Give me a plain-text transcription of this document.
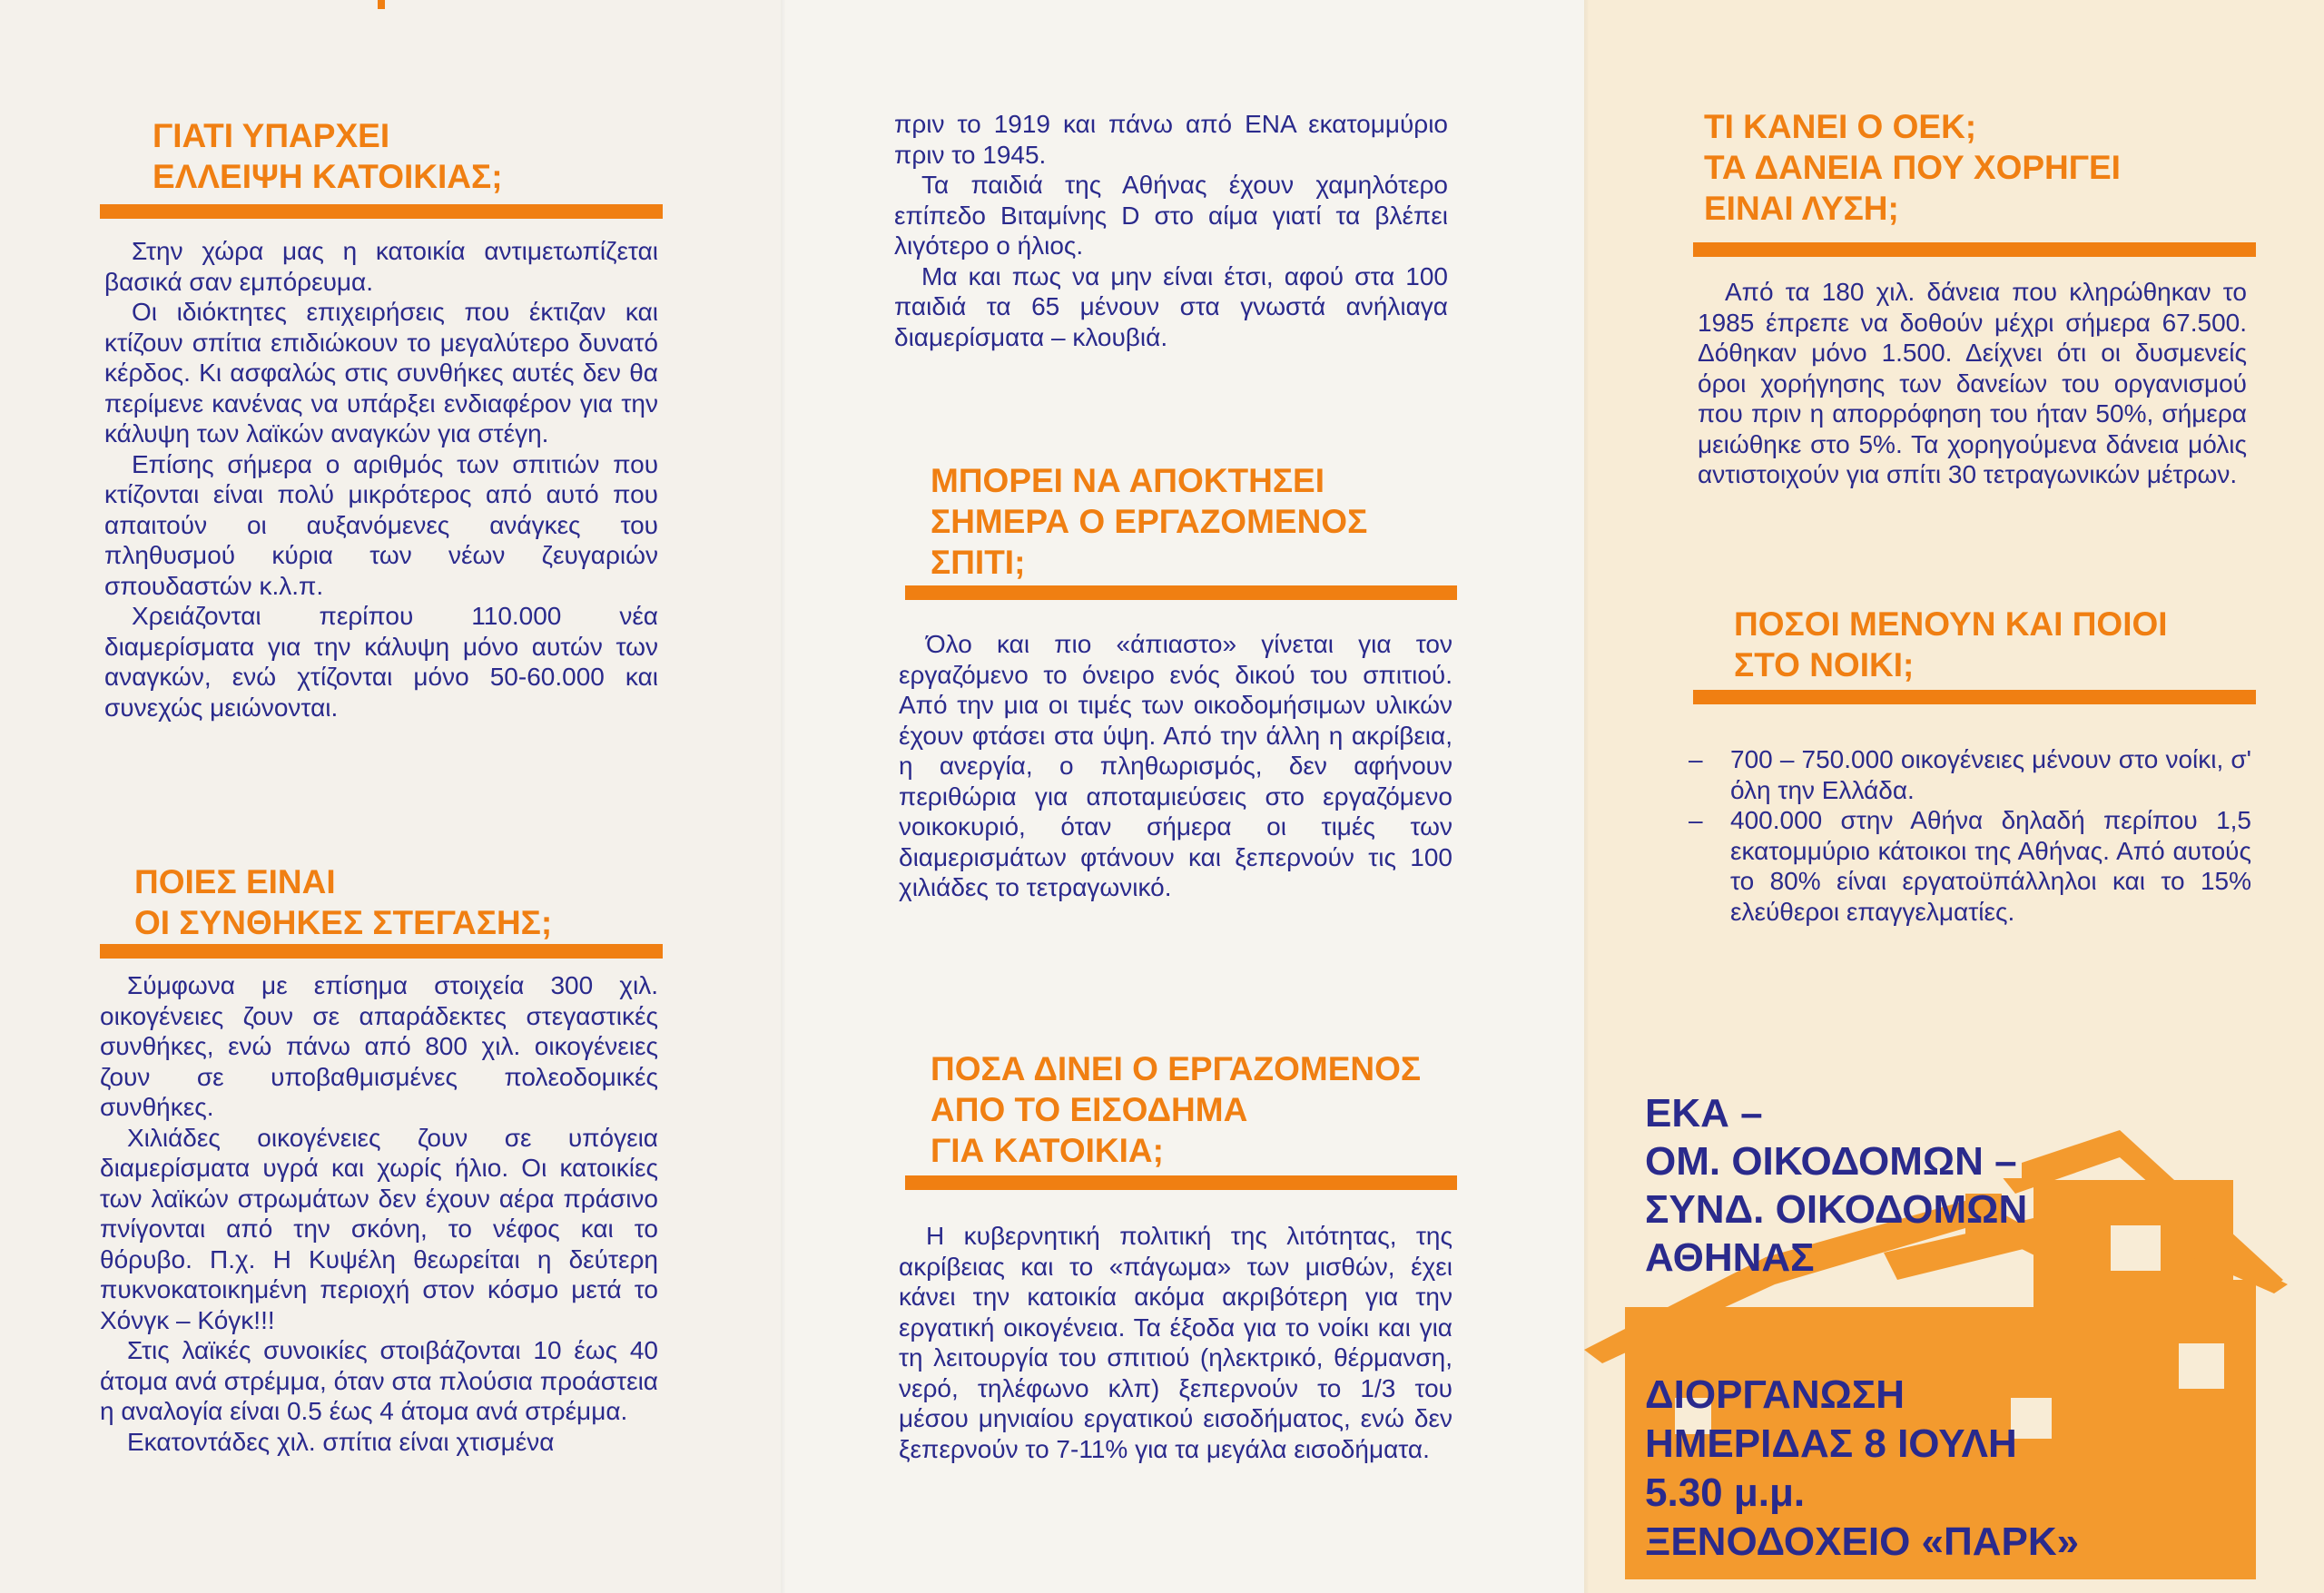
ΓΙΑΤΙ ΥΠΑΡΧΕΙ
ΕΛΛΕΙΨΗ ΚΑΤΟΙΚΙΑΣ;

Στην χώρα μας η κατοικία αντιμετωπίζεται βασικά σαν εμπόρευμα.

Οι ιδιόκτητες επιχειρήσεις που έκτιζαν και κτίζουν σπίτια επιδιώκουν το μεγαλύτερο δυνατό κέρδος. Κι ασφαλώς στις συνθήκες αυτές δεν θα περίμενε κανένας να υπάρξει ενδιαφέρον για την κάλυψη των λαϊκών αναγκών για στέγη.

Επίσης σήμερα ο αριθμός των σπιτιών που κτίζονται είναι πολύ μικρότερος από αυτό που απαιτούν οι αυξανόμενες ανάγκες του πληθυσμού κύρια των νέων ζευγαριών σπουδαστών κ.λ.π.

Χρειάζονται περίπου 110.000 νέα διαμερίσματα για την κάλυψη μόνο αυτών των αναγκών, ενώ χτίζονται μόνο 50-60.000 και συνεχώς μειώνονται.

ΠΟΙΕΣ ΕΙΝΑΙ
ΟΙ ΣΥΝΘΗΚΕΣ ΣΤΕΓΑΣΗΣ;

Σύμφωνα με επίσημα στοιχεία 300 χιλ. οικογένειες ζουν σε απαράδεκτες στεγαστικές συνθήκες, ενώ πάνω από 800 χιλ. οικογένειες ζουν σε υποβαθμισμένες πολεοδομικές συνθήκες.

Χιλιάδες οικογένειες ζουν σε υπόγεια διαμερίσματα υγρά και χωρίς ήλιο. Οι κατοικίες των λαϊκών στρωμάτων δεν έχουν αέρα πράσινο πνίγονται από την σκόνη, το νέφος και το θόρυβο. Π.χ. Η Κυψέλη θεωρείται η δεύτερη πυκνοκατοικημένη περιοχή στον κόσμο μετά το Χόνγκ – Κόγκ!!!

Στις λαϊκές συνοικίες στοιβάζονται 10 έως 40 άτομα ανά στρέμμα, όταν στα πλούσια προάστεια η αναλογία είναι 0.5 έως 4 άτομα ανά στρέμμα.

Εκατοντάδες χιλ. σπίτια είναι χτισμένα

πριν το 1919 και πάνω από ΕΝΑ εκατομμύριο πριν το 1945.

Τα παιδιά της Αθήνας έχουν χαμηλότερο επίπεδο Βιταμίνης D στο αίμα γιατί τα βλέπει λιγότερο ο ήλιος.

Μα και πως να μην είναι έτσι, αφού στα 100 παιδιά τα 65 μένουν στα γνωστά ανήλιαγα διαμερίσματα – κλουβιά.

ΜΠΟΡΕΙ ΝΑ ΑΠΟΚΤΗΣΕΙ
ΣΗΜΕΡΑ Ο ΕΡΓΑΖΟΜΕΝΟΣ
ΣΠΙΤΙ;

Όλο και πιο «άπιαστο» γίνεται για τον εργαζόμενο το όνειρο ενός δικού του σπιτιού. Από την μια οι τιμές των οικοδομήσιμων υλικών έχουν φτάσει στα ύψη. Από την άλλη η ακρίβεια, η ανεργία, ο πληθωρισμός, δεν αφήνουν περιθώρια για αποταμιεύσεις στο εργαζόμενο νοικοκυριό, όταν σήμερα οι τιμές των διαμερισμάτων φτάνουν και ξεπερνούν τις 100 χιλιάδες το τετραγωνικό.

ΠΟΣΑ ΔΙΝΕΙ Ο ΕΡΓΑΖΟΜΕΝΟΣ
ΑΠΟ ΤΟ ΕΙΣΟΔΗΜΑ
ΓΙΑ ΚΑΤΟΙΚΙΑ;

Η κυβερνητική πολιτική της λιτότητας, της ακρίβειας και το «πάγωμα» των μισθών, έχει κάνει την κατοικία ακόμα ακριβότερη για την εργατική οικογένεια. Τα έξοδα για το νοίκι και για τη λειτουργία του σπιτιού (ηλεκτρικό, θέρμανση, νερό, τηλέφωνο κλπ) ξεπερνούν το 1/3 του μέσου μηνιαίου εργατικού εισοδήματος, ενώ δεν ξεπερνούν το 7-11% για τα μεγάλα εισοδήματα.

ΤΙ ΚΑΝΕΙ Ο ΟΕΚ;
ΤΑ ΔΑΝΕΙΑ ΠΟΥ ΧΟΡΗΓΕΙ
ΕΙΝΑΙ ΛΥΣΗ;

Από τα 180 χιλ. δάνεια που κληρώθηκαν το 1985 έπρεπε να δοθούν μέχρι σήμερα 67.500. Δόθηκαν μόνο 1.500. Δείχνει ότι οι δυσμενείς όροι χορήγησης των δανείων του οργανισμού που πριν η απορρόφηση του ήταν 50%, σήμερα μειώθηκε στο 5%. Τα χορηγούμενα δάνεια μόλις αντιστοιχούν για σπίτι 30 τετραγωνικών μέτρων.

ΠΟΣΟΙ ΜΕΝΟΥΝ ΚΑΙ ΠΟΙΟΙ
ΣΤΟ ΝΟΙΚΙ;
–	700 – 750.000 οικογένειες μένουν στο νοίκι, σ' όλη την Ελλάδα.
–	400.000 στην Αθήνα δηλαδή περίπου 1,5 εκατομμύριο κάτοικοι της Αθήνας. Από αυτούς το 80% είναι εργατοϋπάλληλοι και το 15% ελεύθεροι επαγγελματίες.
ΕΚΑ –
ΟΜ. ΟΙΚΟΔΟΜΩΝ –
ΣΥΝΔ. ΟΙΚΟΔΟΜΩΝ
ΑΘΗΝΑΣ
ΔΙΟΡΓΑΝΩΣΗ
ΗΜΕΡΙΔΑΣ 8 ΙΟΥΛΗ
5.30 μ.μ.
ΞΕΝΟΔΟΧΕΙΟ «ΠΑΡΚ»
